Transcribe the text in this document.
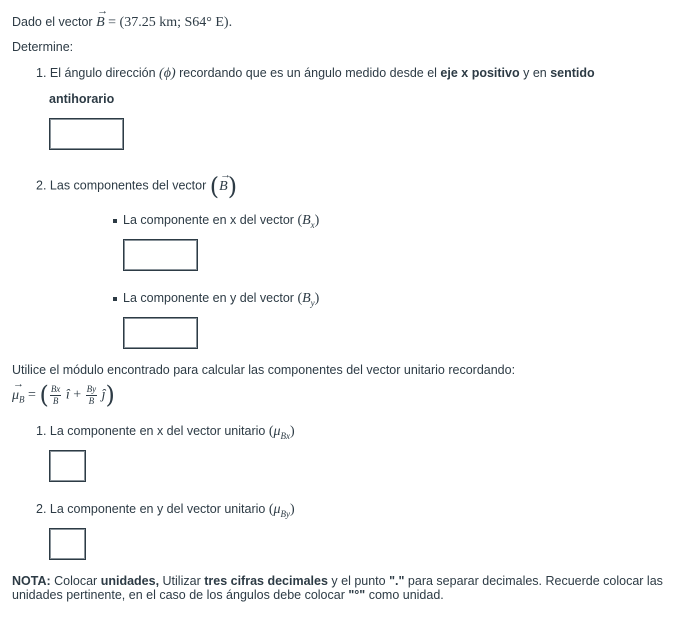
Dado el vector → B = (37.25 km; S64° E).
Determine:
1. El ángulo dirección (ϕ) recordando que es un ángulo medido desde el eje x positivo y en sentido
antihorario
2. Las componentes del vector (→ B)
La componente en x del vector $(B_x)$
La componente en y del vector $(B_y)$
Utilice el módulo encontrado para calcular las componentes del vector unitario recordando:
→ $\mu_B$ = ( $\frac{Bx}{B}$ î + $\frac{By}{B}$ ĵ)
1. La componente en x del vector unitario $(\mu_{Bx})$
2. La componente en y del vector unitario $(\mu_{By})$
NOTA: Colocar unidades, Utilizar tres cifras decimales y el punto "." para separar decimales. Recuerde colocar las unidades pertinente, en el caso de los ángulos debe colocar "°" como unidad.
